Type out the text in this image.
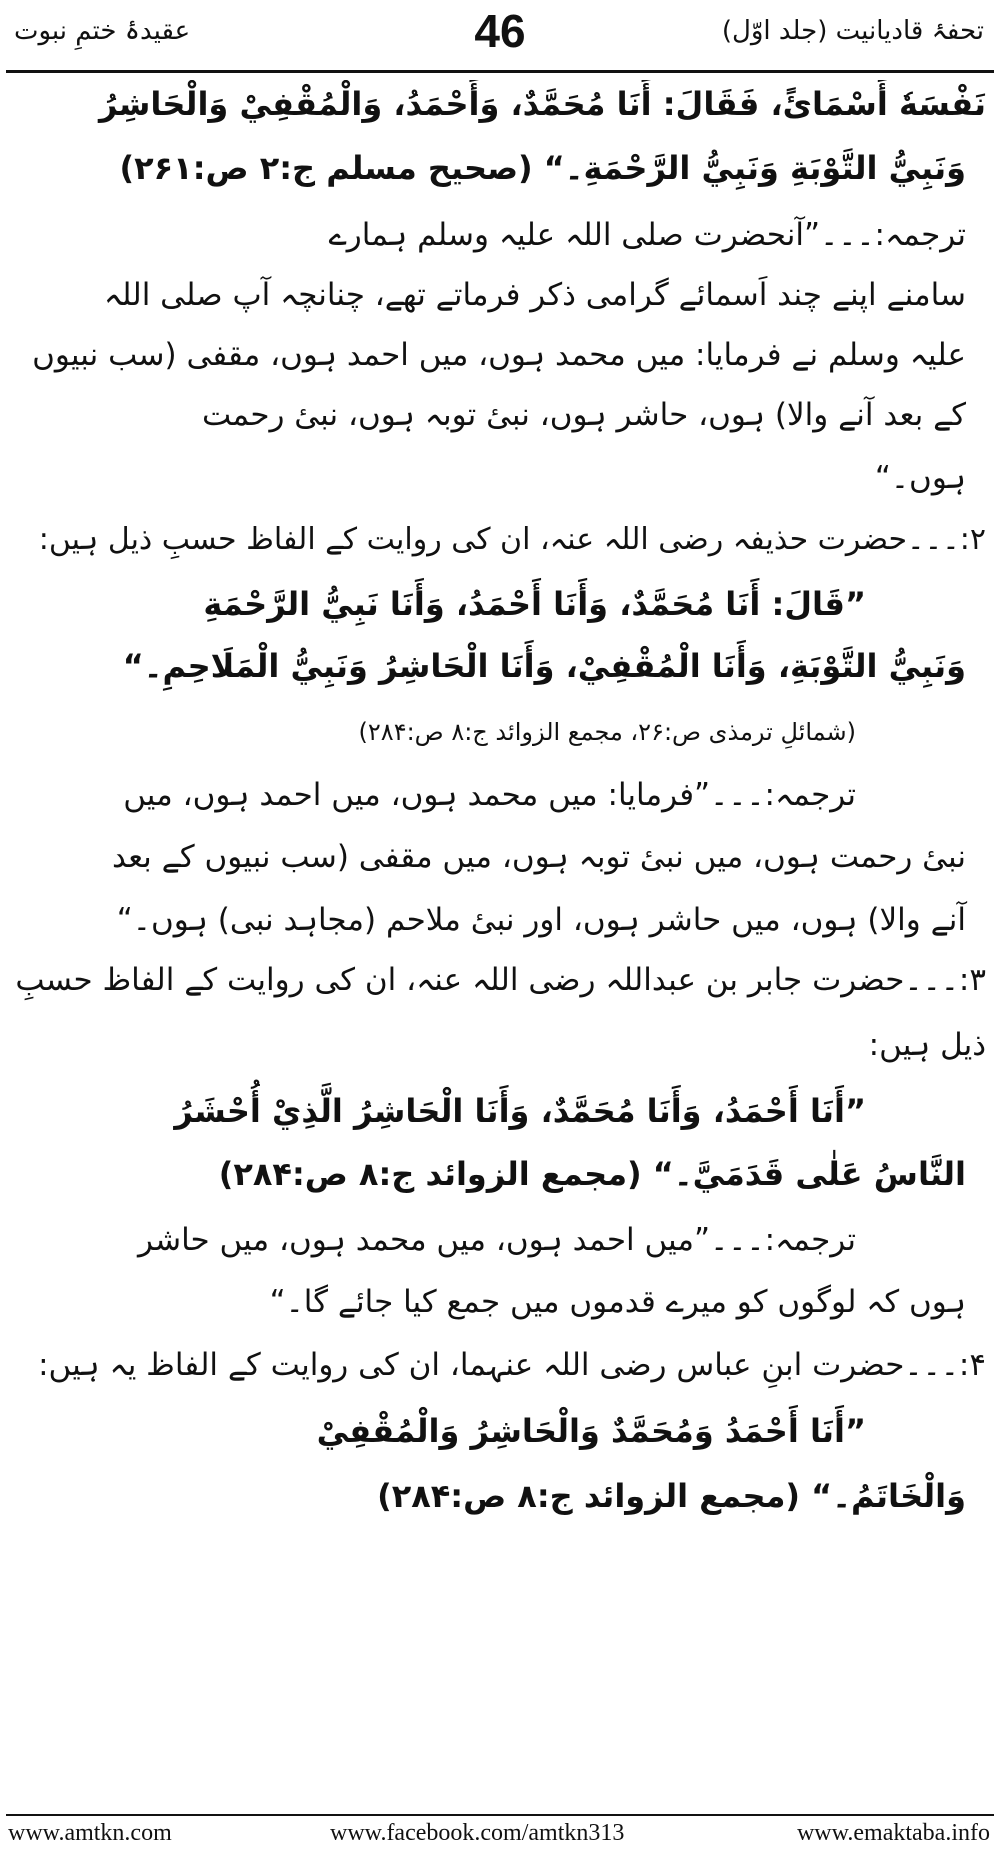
عقیدۂ ختمِ نبوت	46	تحفۂ قادیانیت (جلد اوّل)
نَفْسَهٗ أَسْمَائً، فَقَالَ: أَنَا مُحَمَّدٌ، وَأَحْمَدُ، وَالْمُقْفِيْ وَالْحَاشِرُ
وَنَبِيُّ التَّوْبَةِ وَنَبِيُّ الرَّحْمَةِ۔“ (صحیح مسلم ج:۲ ص:۲۶۱)
ترجمہ:۔۔۔”آنحضرت صلی اللہ علیہ وسلم ہمارے
سامنے اپنے چند اَسمائے گرامی ذکر فرماتے تھے، چنانچہ آپ صلی اللہ
علیہ وسلم نے فرمایا: میں محمد ہوں، میں احمد ہوں، مقفی (سب نبیوں
کے بعد آنے والا) ہوں، حاشر ہوں، نبیٔ توبہ ہوں، نبیٔ رحمت
ہوں۔“
۲:۔۔۔حضرت حذیفہ رضی اللہ عنہ، ان کی روایت کے الفاظ حسبِ ذیل ہیں:
”قَالَ: أَنَا مُحَمَّدٌ، وَأَنَا أَحْمَدُ، وَأَنَا نَبِيُّ الرَّحْمَةِ
وَنَبِيُّ التَّوْبَةِ، وَأَنَا الْمُقْفِيْ، وَأَنَا الْحَاشِرُ وَنَبِيُّ الْمَلَاحِمِ۔“
(شمائلِ ترمذی ص:۲۶، مجمع الزوائد ج:۸ ص:۲۸۴)
ترجمہ:۔۔۔”فرمایا: میں محمد ہوں، میں احمد ہوں، میں
نبیٔ رحمت ہوں، میں نبیٔ توبہ ہوں، میں مقفی (سب نبیوں کے بعد
آنے والا) ہوں، میں حاشر ہوں، اور نبیٔ ملاحم (مجاہد نبی) ہوں۔“
۳:۔۔۔حضرت جابر بن عبداللہ رضی اللہ عنہ، ان کی روایت کے الفاظ حسبِ
ذیل ہیں:
”أَنَا أَحْمَدُ، وَأَنَا مُحَمَّدٌ، وَأَنَا الْحَاشِرُ الَّذِيْ أُحْشَرُ
النَّاسُ عَلٰى قَدَمَيَّ۔“ (مجمع الزوائد ج:۸ ص:۲۸۴)
ترجمہ:۔۔۔”میں احمد ہوں، میں محمد ہوں، میں حاشر
ہوں کہ لوگوں کو میرے قدموں میں جمع کیا جائے گا۔“
۴:۔۔۔حضرت ابنِ عباس رضی اللہ عنہما، ان کی روایت کے الفاظ یہ ہیں:
”أَنَا أَحْمَدُ وَمُحَمَّدٌ وَالْحَاشِرُ وَالْمُقْفِيْ
وَالْخَاتَمُ۔“ (مجمع الزوائد ج:۸ ص:۲۸۴)
www.amtkn.com	www.facebook.com/amtkn313	www.emaktaba.info
